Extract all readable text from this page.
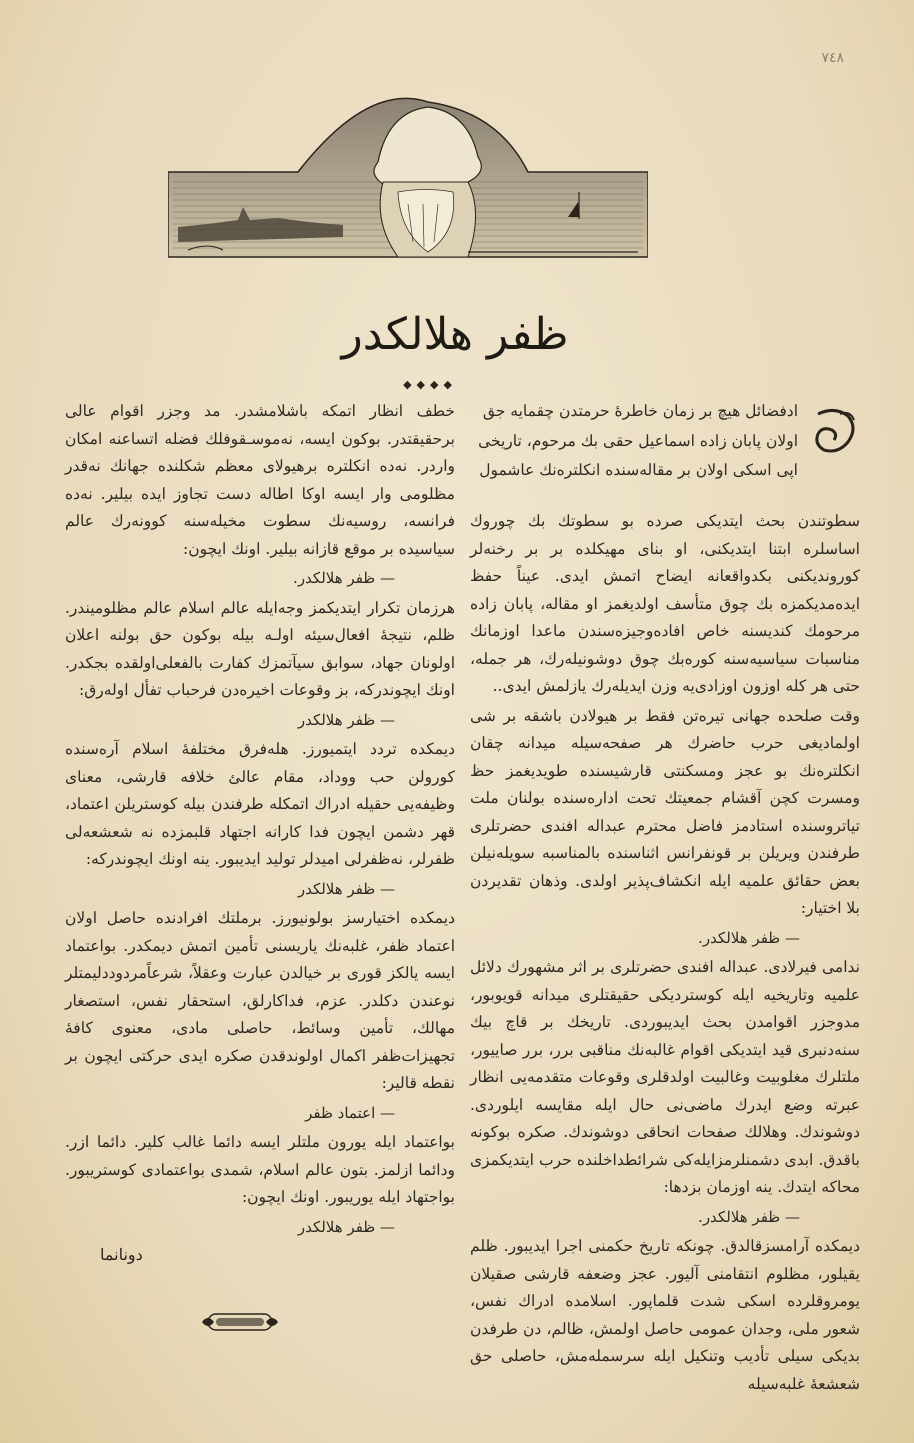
٧٤٨
ظفر هلالكدر
◆◆◆◆

ادفضائل هیچ بر زمان خاطرهٔ حرمتدن چقمایه جق

اولان پابان زاده اسماعیل حقی بك مرحوم، تاریخی

اپی اسکی اولان بر مقاله‌سنده انکلتره‌نك عاشمول

سطوتندن بحث ایتدیکی صرده بو سطوتك بك چوروك اساسلره ابتنا ایتدیکنی، او بنای مهیکلده بر بر رخنه‌لر کوروندیکنی بکدواقعانه ایضاح اتمش ایدی. عیناً حفظ ایده‌مدیکمزه بك چوق متأسف اولدیغمز او مقاله، پابان زاده مرحومك کندیسنه خاص افاده‌وجیزه‌سندن ماعدا اوزمانك مناسبات سیاسیه‌سنه کوره‌بك چوق دوشونیله‌رك، هر جمله، حتی هر کله اوزون اوزادی‌یه وزن ایدیله‌رك یازلمش ایدی..

وقت صلحده جهانی تیره‌تن فقط بر هیولادن باشقه بر شی اولمادیغی حرب حاضرك هر صفحه‌سیله میدانه چقان انکلتره‌نك بو عجز ومسکنتی قارشیسنده طویدیغمز حظ ومسرت کچن آقشام جمعیتك تحت اداره‌سنده بولنان ملت تیاتروسنده استادمز فاضل محترم عبداله افندی حضرتلری طرفندن ویریلن بر قونفرانس اثناسنده بالمناسبه سویله‌نیلن بعض حقائق علمیه ایله انکشاف‌پذیر اولدی. وذهان تقدیردن بلا اختیار:

— ظفر هلالكدر.

ندامی فیرلادی. عبداله افندی حضرتلری بر اثر مشهورك دلائل علمیه وتاریخیه ایله کوستردیکی حقیقتلری میدانه قویوبور، مدوجزر اقوامدن بحث ایدیبوردی. تاریخك بر قاچ بیك سنه‌دنبری قید ایتدیکی اقوام غالبه‌نك مناقبی برر، برر صاییور، ملتلرك مغلوبیت وغالبیت اولدقلری وقوعات متقدمه‌یی انظار عبرته وضع ایدرك ماضی‌نی حال ایله مقایسه ایلوردی. دوشوندك. وهلالك صفحات انحاقی دوشوندك. صکره بوکونه باقدق. ابدی دشمنلرمزایله‌کی شرائطداخلنده حرب ایتدیکمزی محاکه ایتدك. ینه اوزمان بزدها:

— ظفر هلالكدر.

دیمکده آرامسزقالدق. چونکه تاریخ حکمنی اجرا ایدیبور. ظلم یقیلور، مظلوم انتقامنی آلیور. عجز وضعفه قارشی صقیلان یومروقلرده اسکی شدت قلماپور. اسلامده ادراك نفس، شعور ملی، وجدان عمومی حاصل اولمش، ظالم، دن طرفدن بدیکی سیلی تأدیب وتنکیل ایله سرسمله‌مش، حاصلی حق شعشعهٔ غلبه‌سیله

خطف انظار اتمکه باشلامشدر. مد وجزر اقوام عالی برحقیقتدر. بوکون ایسه، نه‌موسـقوفلك فضله اتساعنه امکان واردر. نه‌ده انکلتره برهیولای معظم شکلنده جهانك نه‌قدر مظلومی وار ایسه اوکا اطاله دست تجاوز ایده بیلیر. نه‌ده فرانسه، روسیه‌نك سطوت مخیله‌سنه کوونه‌رك عالم سیاسیده بر موقع قازانه بیلیر. اونك ایچون:

— ظفر هلالكدر.

هرزمان تکرار ایتدیکمز وجه‌ایله عالم اسلام عالم مظلومیندر. ظلم، نتیجهٔ افعال‌سیئه اولـه بیله بوکون حق بولنه اعلان اولونان جهاد، سوابق سیآتمزك کفارت بالفعلی‌اولقده بجکدر. اونك ایچوندرکه، بز وقوعات اخیره‌دن فرحباب تفأل اوله‌رق:

— ظفر هلالكدر

دیمکده تردد ایتمیورز. هله‌فرق مختلفهٔ اسلام آره‌سنده کورولن حب ووداد، مقام عالئ خلافه قارشی، معنای وظیفه‌یی حقیله ادراك اتمکله طرفندن بیله کوستریلن اعتماد، قهر دشمن ایچون فدا کارانه اجتهاد قلبمزده نه شعشعه‌لی ظفرلر، نه‌ظفرلی امیدلر تولید ایدیبور. ینه اونك ایچوندرکه:

— ظفر هلالكدر

دیمکده اختیارسز بولونیورز. برملتك افرادنده حاصل اولان اعتماد ظفر، غلبه‌نك یاریسنی تأمین اتمش دیمکدر. بواعتماد ایسه یالکز قوری بر خیالدن عبارت وعقلاً، شرعاًمردوددلیمتلر نوعندن دکلدر. عزم، فداکارلق، استحقار نفس، استصغار مهالك، تأمین وسائط، حاصلی مادی، معنوی کافهٔ تجهیزات‌ظفر اکمال اولوندقدن صکره ایدی حرکتی ایچون بر نقطه قالیر:

— اعتماد ظفر

بواعتماد ایله یورون ملتلر ایسه دائما غالب کلیر. دائما ازر. ودائما ازلمز. بتون عالم اسلام، شمدی بواعتمادی کوستریبور. بواجتهاد ایله یوریبور. اونك ایچون:

— ظفر هلالكدر

دونانما
